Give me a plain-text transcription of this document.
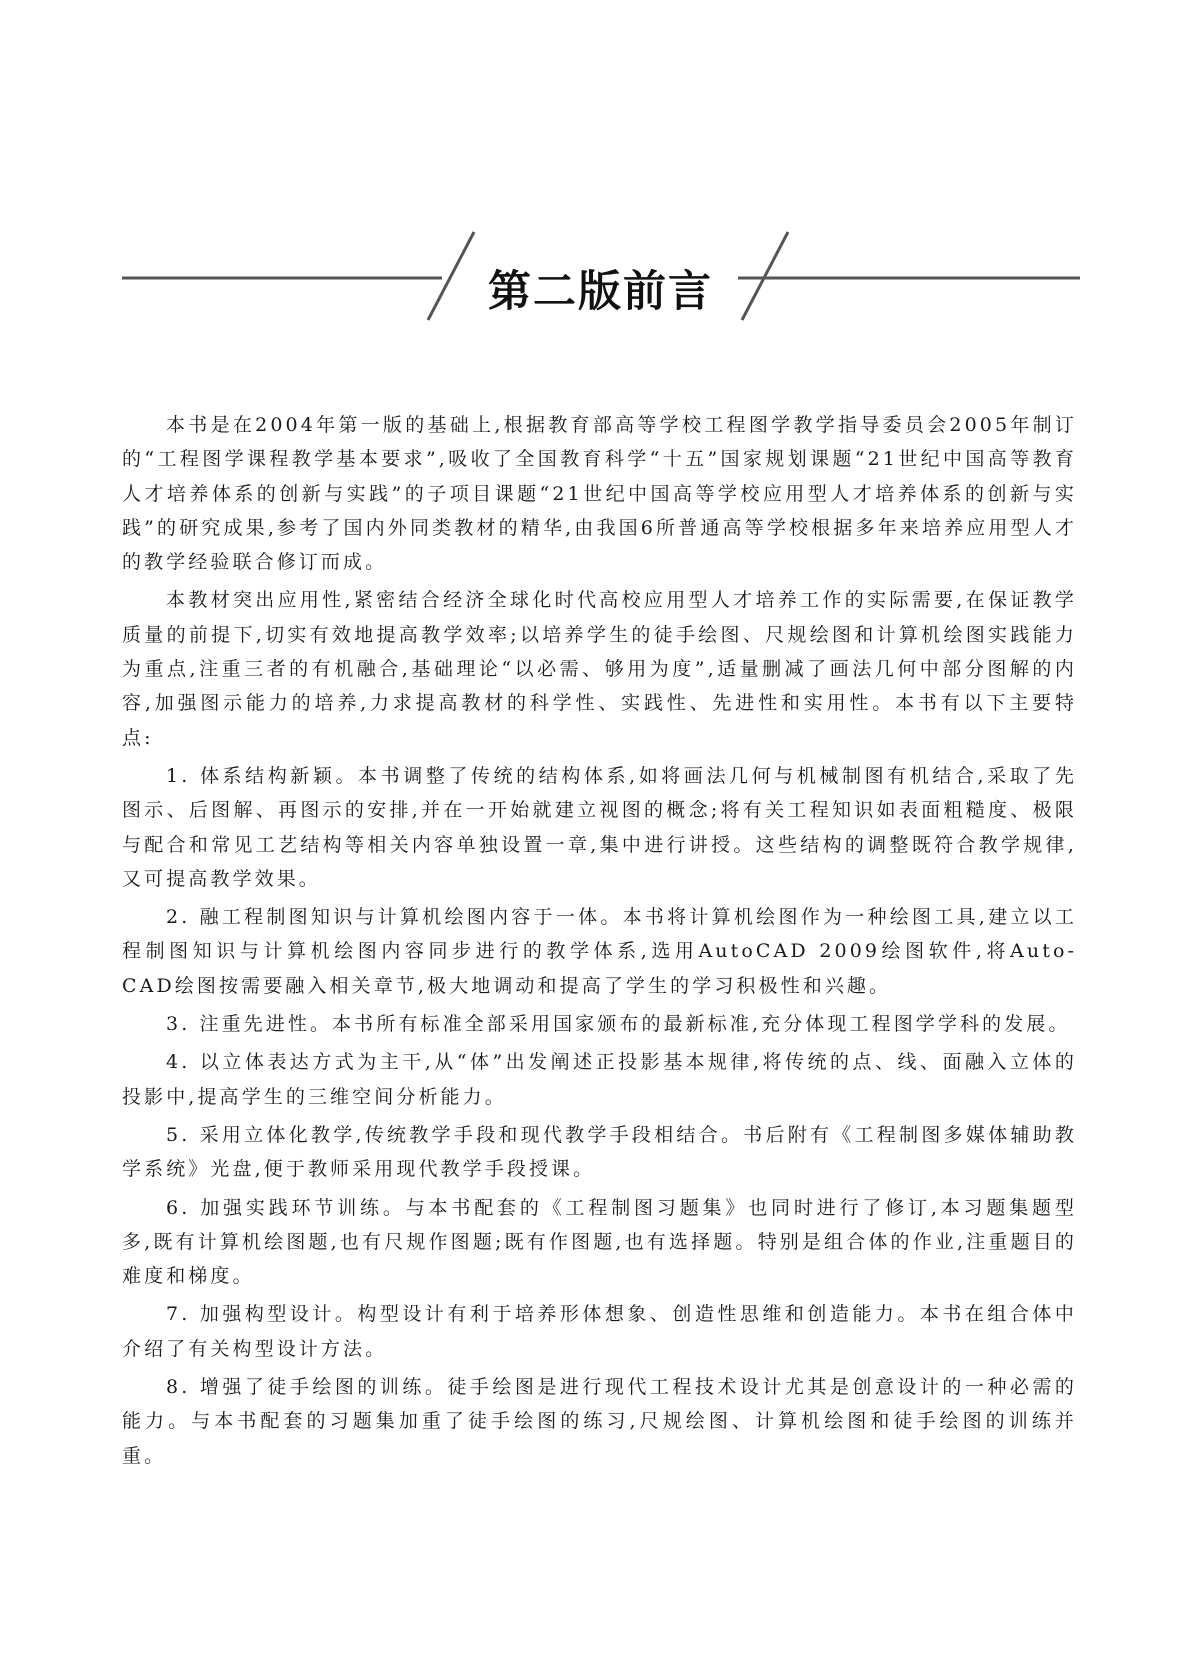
第二版前言

本书是在2004年第一版的基础上,根据教育部高等学校工程图学教学指导委员会2005年制订的“工程图学课程教学基本要求”,吸收了全国教育科学“十五”国家规划课题“21世纪中国高等教育人才培养体系的创新与实践”的子项目课题“21世纪中国高等学校应用型人才培养体系的创新与实践”的研究成果,参考了国内外同类教材的精华,由我国6所普通高等学校根据多年来培养应用型人才的教学经验联合修订而成。

本教材突出应用性,紧密结合经济全球化时代高校应用型人才培养工作的实际需要,在保证教学质量的前提下,切实有效地提高教学效率;以培养学生的徒手绘图、尺规绘图和计算机绘图实践能力为重点,注重三者的有机融合,基础理论“以必需、够用为度”,适量删减了画法几何中部分图解的内容,加强图示能力的培养,力求提高教材的科学性、实践性、先进性和实用性。本书有以下主要特点:

1. 体系结构新颖。本书调整了传统的结构体系,如将画法几何与机械制图有机结合,采取了先图示、后图解、再图示的安排,并在一开始就建立视图的概念;将有关工程知识如表面粗糙度、极限与配合和常见工艺结构等相关内容单独设置一章,集中进行讲授。这些结构的调整既符合教学规律,又可提高教学效果。

2. 融工程制图知识与计算机绘图内容于一体。本书将计算机绘图作为一种绘图工具,建立以工程制图知识与计算机绘图内容同步进行的教学体系,选用AutoCAD 2009绘图软件,将Auto-CAD绘图按需要融入相关章节,极大地调动和提高了学生的学习积极性和兴趣。

3. 注重先进性。本书所有标准全部采用国家颁布的最新标准,充分体现工程图学学科的发展。

4. 以立体表达方式为主干,从“体”出发阐述正投影基本规律,将传统的点、线、面融入立体的投影中,提高学生的三维空间分析能力。

5. 采用立体化教学,传统教学手段和现代教学手段相结合。书后附有《工程制图多媒体辅助教学系统》光盘,便于教师采用现代教学手段授课。

6. 加强实践环节训练。与本书配套的《工程制图习题集》也同时进行了修订,本习题集题型多,既有计算机绘图题,也有尺规作图题;既有作图题,也有选择题。特别是组合体的作业,注重题目的难度和梯度。

7. 加强构型设计。构型设计有利于培养形体想象、创造性思维和创造能力。本书在组合体中介绍了有关构型设计方法。

8. 增强了徒手绘图的训练。徒手绘图是进行现代工程技术设计尤其是创意设计的一种必需的能力。与本书配套的习题集加重了徒手绘图的练习,尺规绘图、计算机绘图和徒手绘图的训练并重。
